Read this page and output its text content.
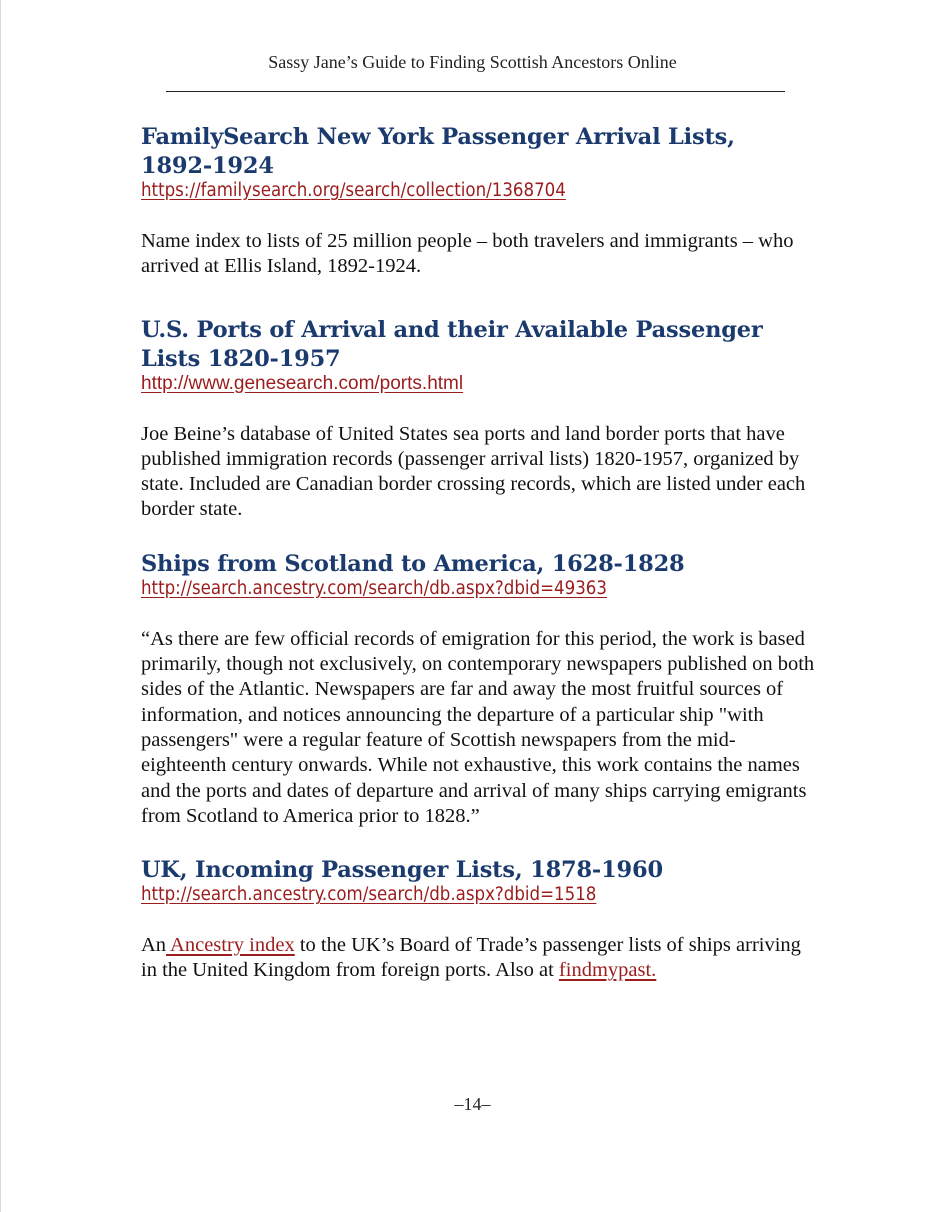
Sassy Jane’s Guide to Finding Scottish Ancestors Online
FamilySearch New York Passenger Arrival Lists, 1892-1924
https://familysearch.org/search/collection/1368704

Name index to lists of 25 million people – both travelers and immigrants – who arrived at Ellis Island, 1892-1924.

U.S. Ports of Arrival and their Available Passenger Lists 1820-1957
http://www.genesearch.com/ports.html

Joe Beine’s database of United States sea ports and land border ports that have published immigration records (passenger arrival lists) 1820-1957, organized by state. Included are Canadian border crossing records, which are listed under each border state.

Ships from Scotland to America, 1628-1828
http://search.ancestry.com/search/db.aspx?dbid=49363

“As there are few official records of emigration for this period, the work is based primarily, though not exclusively, on contemporary newspapers published on both sides of the Atlantic. Newspapers are far and away the most fruitful sources of information, and notices announcing the departure of a particular ship "with passengers" were a regular feature of Scottish newspapers from the mid-eighteenth century onwards. While not exhaustive, this work contains the names and the ports and dates of departure and arrival of many ships carrying emigrants from Scotland to America prior to 1828.”

UK, Incoming Passenger Lists, 1878-1960
http://search.ancestry.com/search/db.aspx?dbid=1518

An Ancestry index to the UK’s Board of Trade’s passenger lists of ships arriving in the United Kingdom from foreign ports. Also at findmypast.

–14–
